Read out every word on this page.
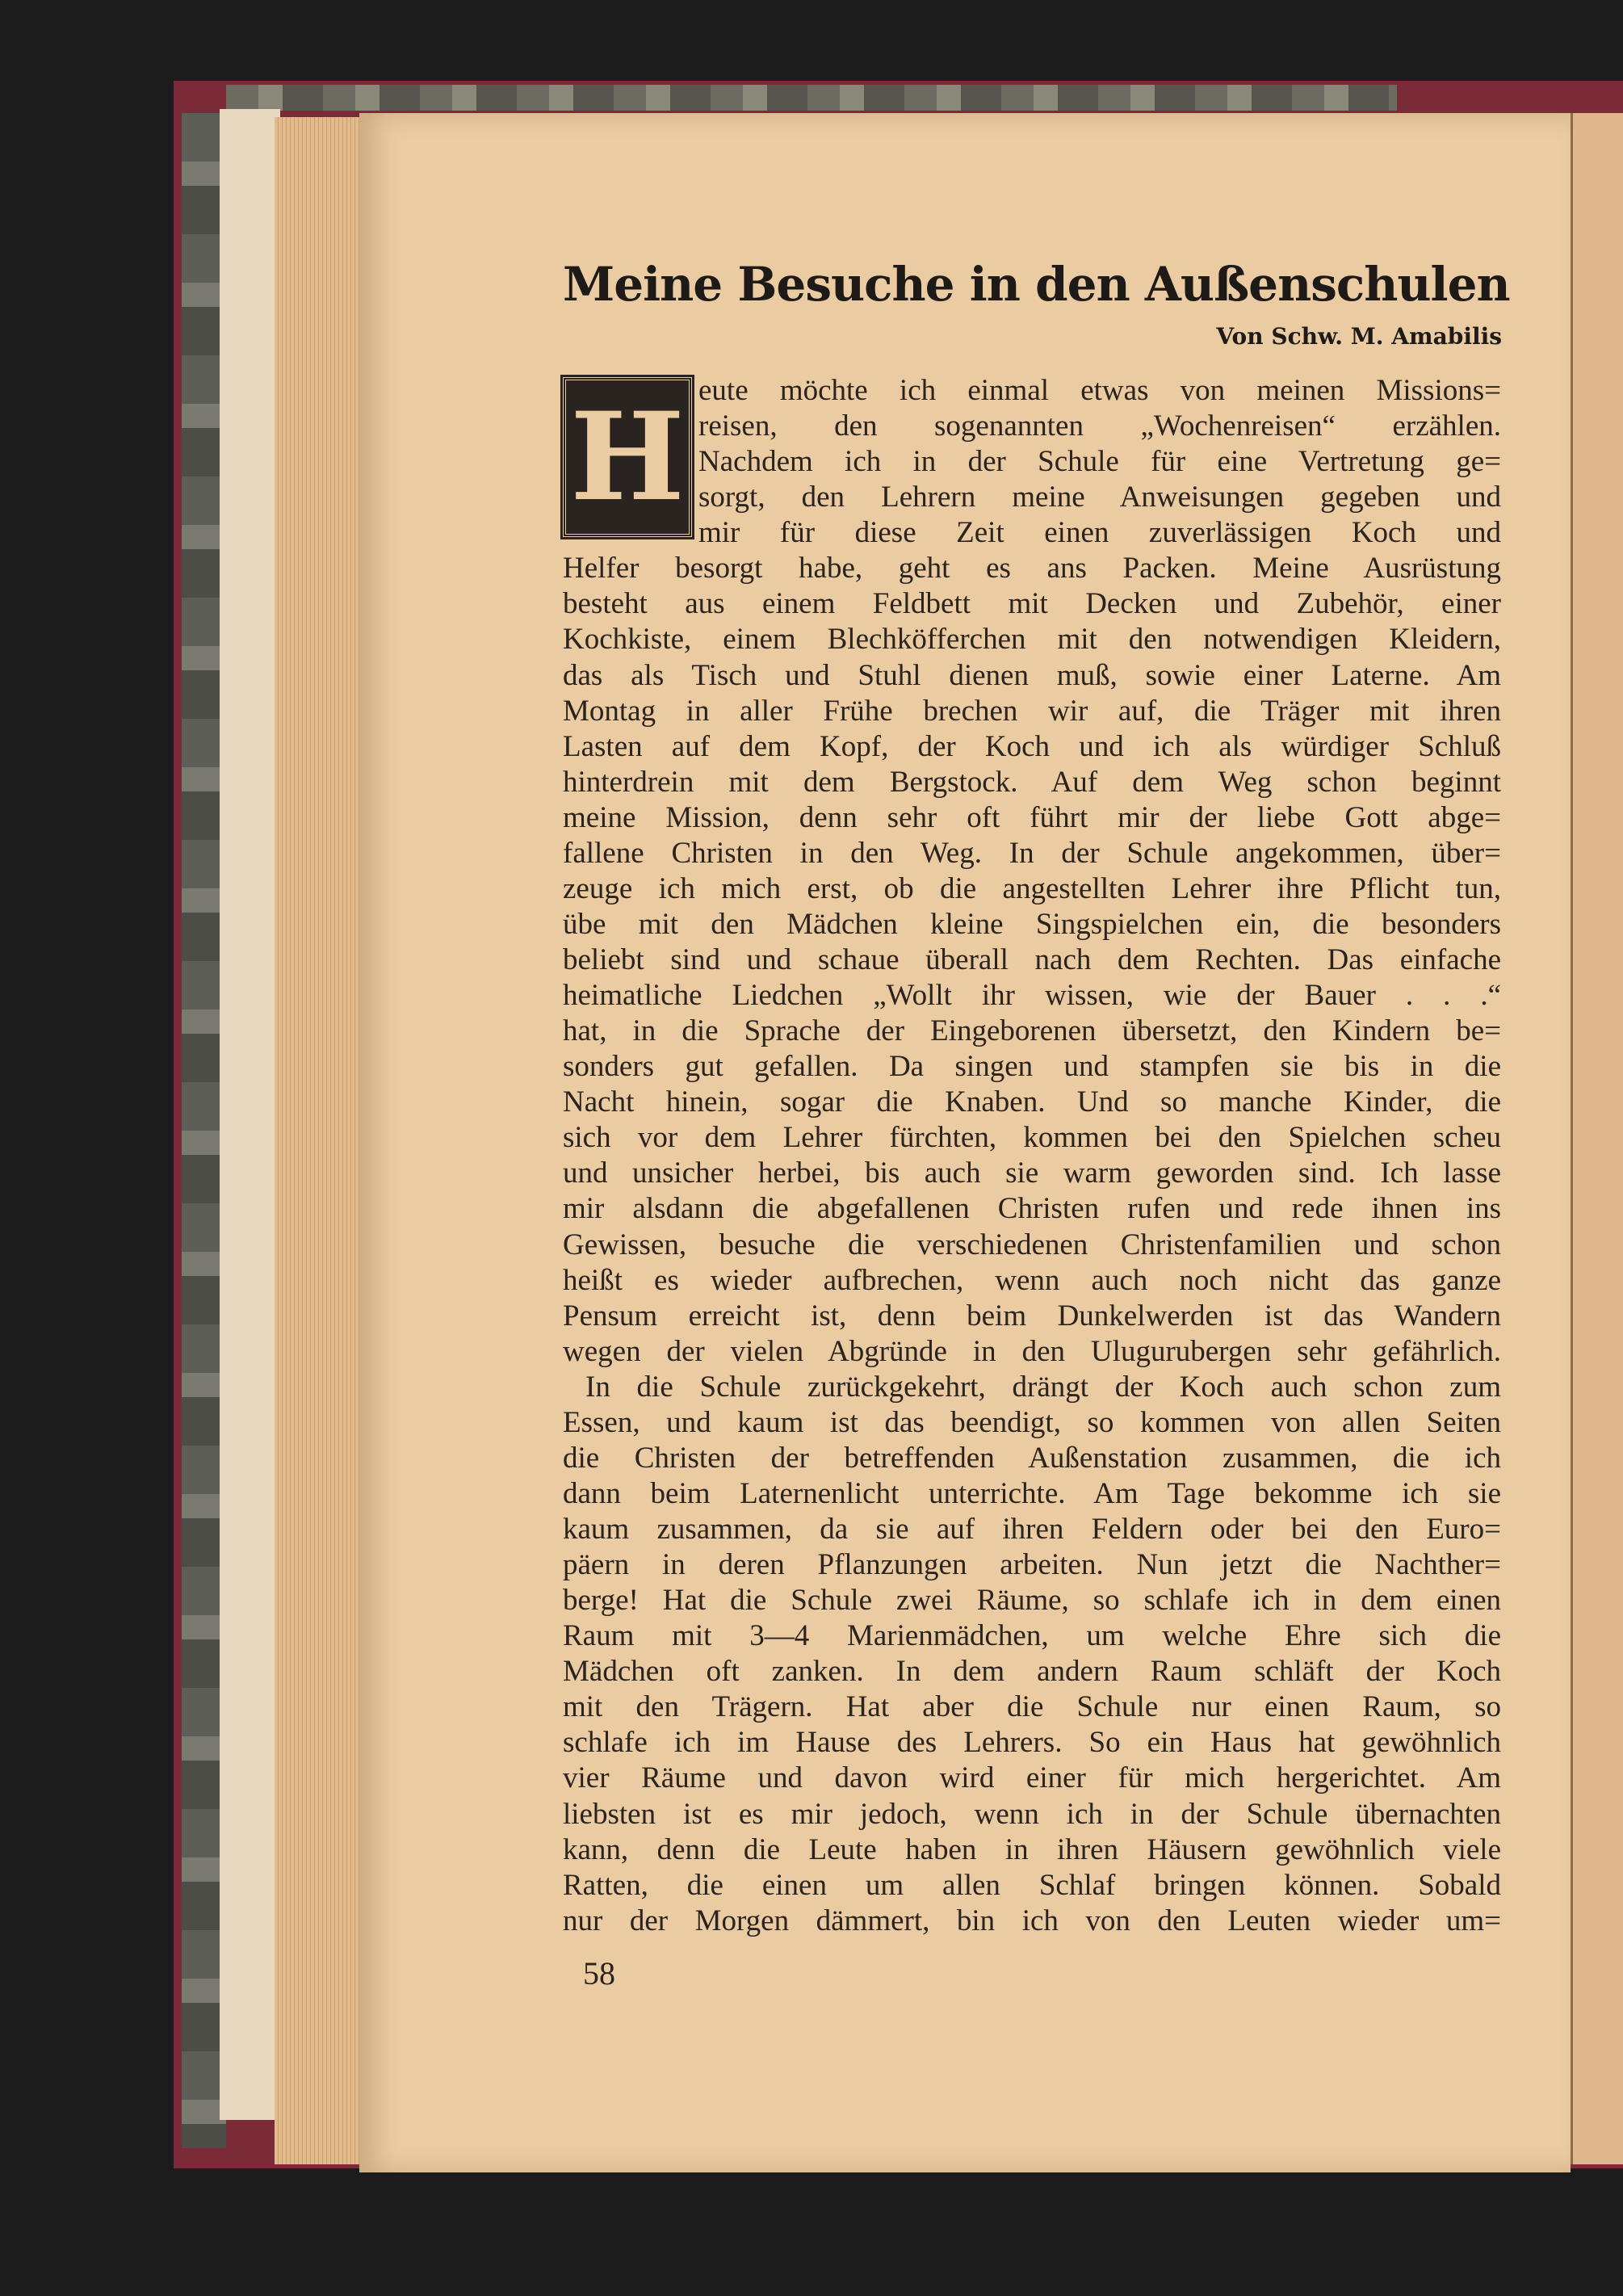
Meine Besuche in den Außenschulen
Von Schw. M. Amabilis
H eute möchte ich einmal etwas von meinen Missions=
reisen, den sogenannten „Wochenreisen“ erzählen.
Nachdem ich in der Schule für eine Vertretung ge=
sorgt, den Lehrern meine Anweisungen gegeben und
mir für diese Zeit einen zuverlässigen Koch und
Helfer besorgt habe, geht es ans Packen. Meine Ausrüstung
besteht aus einem Feldbett mit Decken und Zubehör, einer
Kochkiste, einem Blechköfferchen mit den notwendigen Kleidern,
das als Tisch und Stuhl dienen muß, sowie einer Laterne. Am
Montag in aller Frühe brechen wir auf, die Träger mit ihren
Lasten auf dem Kopf, der Koch und ich als würdiger Schluß
hinterdrein mit dem Bergstock. Auf dem Weg schon beginnt
meine Mission, denn sehr oft führt mir der liebe Gott abge=
fallene Christen in den Weg. In der Schule angekommen, über=
zeuge ich mich erst, ob die angestellten Lehrer ihre Pflicht tun,
übe mit den Mädchen kleine Singspielchen ein, die besonders
beliebt sind und schaue überall nach dem Rechten. Das einfache
heimatliche Liedchen „Wollt ihr wissen, wie der Bauer . . .“
hat, in die Sprache der Eingeborenen übersetzt, den Kindern be=
sonders gut gefallen. Da singen und stampfen sie bis in die
Nacht hinein, sogar die Knaben. Und so manche Kinder, die
sich vor dem Lehrer fürchten, kommen bei den Spielchen scheu
und unsicher herbei, bis auch sie warm geworden sind. Ich lasse
mir alsdann die abgefallenen Christen rufen und rede ihnen ins
Gewissen, besuche die verschiedenen Christenfamilien und schon
heißt es wieder aufbrechen, wenn auch noch nicht das ganze
Pensum erreicht ist, denn beim Dunkelwerden ist das Wandern
wegen der vielen Abgründe in den Ulugurubergen sehr gefährlich.
In die Schule zurückgekehrt, drängt der Koch auch schon zum
Essen, und kaum ist das beendigt, so kommen von allen Seiten
die Christen der betreffenden Außenstation zusammen, die ich
dann beim Laternenlicht unterrichte. Am Tage bekomme ich sie
kaum zusammen, da sie auf ihren Feldern oder bei den Euro=
päern in deren Pflanzungen arbeiten. Nun jetzt die Nachther=
berge! Hat die Schule zwei Räume, so schlafe ich in dem einen
Raum mit 3—4 Marienmädchen, um welche Ehre sich die
Mädchen oft zanken. In dem andern Raum schläft der Koch
mit den Trägern. Hat aber die Schule nur einen Raum, so
schlafe ich im Hause des Lehrers. So ein Haus hat gewöhnlich
vier Räume und davon wird einer für mich hergerichtet. Am
liebsten ist es mir jedoch, wenn ich in der Schule übernachten
kann, denn die Leute haben in ihren Häusern gewöhnlich viele
Ratten, die einen um allen Schlaf bringen können. Sobald
nur der Morgen dämmert, bin ich von den Leuten wieder um=
58
